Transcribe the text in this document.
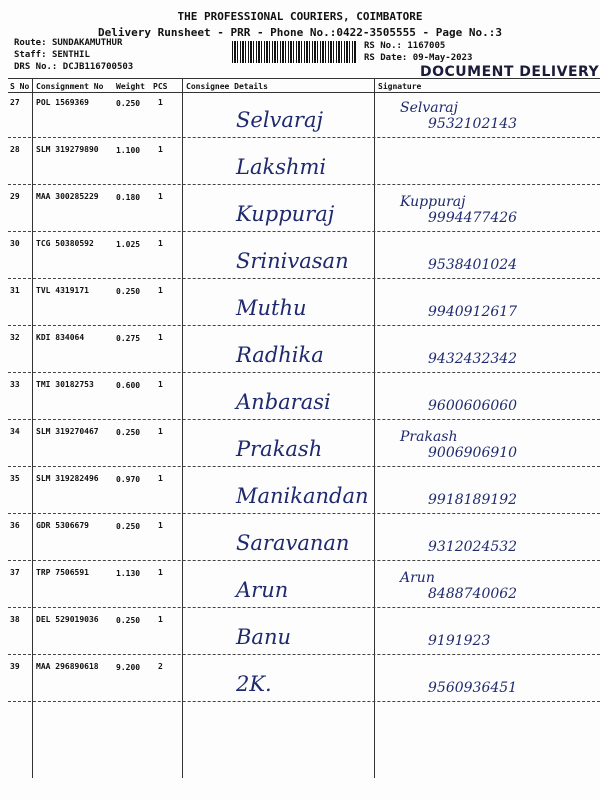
THE PROFESSIONAL COURIERS, COIMBATORE
Delivery Runsheet - PRR - Phone No.:0422-3505555 - Page No.:3
Route: SUNDAKAMUTHUR
Staff: SENTHIL
DRS No.: DCJB116700503
RS No.: 1167005
RS Date: 09-May-2023
DOCUMENT DELIVERY
S No Consignment No Weight PCS Consignee Details	Signature
27 POL 1569369	0.250 1
Selvaraj	Selvaraj
9532102143
28 SLM 319279890 1.100 1
Lakshmi
29 MAA 300285229 0.180 1
Kuppuraj	Kuppuraj
9994477426
30 TCG 50380592	1.025 1
Srinivasan	9538401024
31 TVL 4319171	0.250 1
Muthu	9940912617
32 KDI 834064	0.275 1
Radhika	9432432342
33 TMI 30182753	0.600 1
Anbarasi	9600606060
34 SLM 319270467 0.250 1
Prakash	Prakash
9006906910
35 SLM 319282496 0.970 1
Manikandan	9918189192
36 GDR 5306679	0.250 1
Saravanan	9312024532
37 TRP 7506591	1.130 1
Arun	Arun
8488740062
38 DEL 529019036 0.250 1
Banu	9191923
39 MAA 296890618 9.200 2
2K.	9560936451
